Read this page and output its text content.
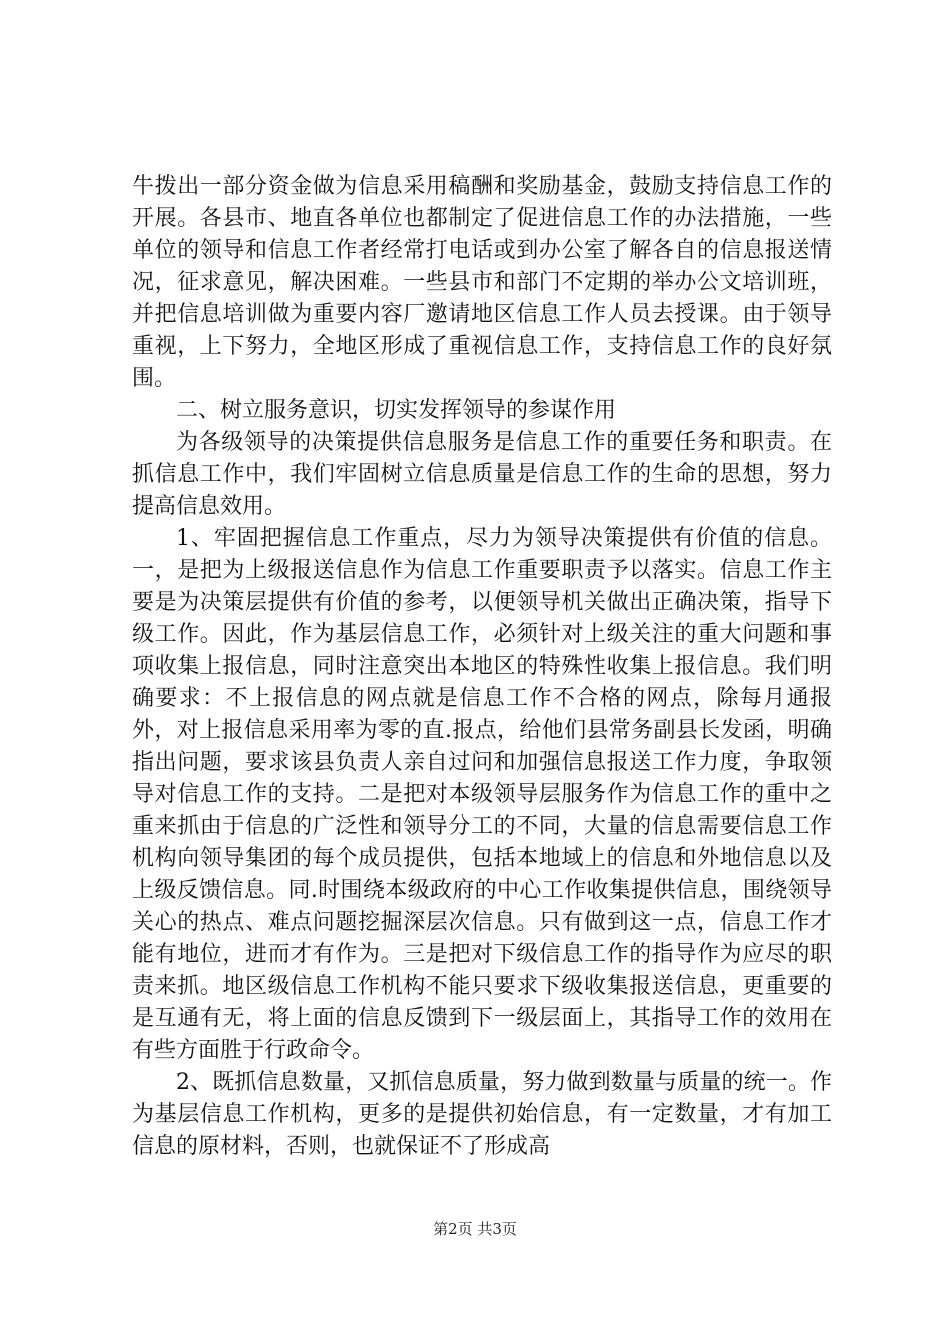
牛拨出一部分资金做为信息采用稿酬和奖励基金，鼓励支持信息工作的开展。各县市、地直各单位也都制定了促进信息工作的办法措施，一些单位的领导和信息工作者经常打电话或到办公室了解各自的信息报送情况，征求意见，解决困难。一些县市和部门不定期的举办公文培训班，并把信息培训做为重要内容厂邀请地区信息工作人员去授课。由于领导重视，上下努力，全地区形成了重视信息工作，支持信息工作的良好氛围。

二、树立服务意识，切实发挥领导的参谋作用

为各级领导的决策提供信息服务是信息工作的重要任务和职责。在抓信息工作中，我们牢固树立信息质量是信息工作的生命的思想，努力提高信息效用。

1、牢固把握信息工作重点，尽力为领导决策提供有价值的信息。一，是把为上级报送信息作为信息工作重要职责予以落实。信息工作主要是为决策层提供有价值的参考，以便领导机关做出正确决策，指导下级工作。因此，作为基层信息工作，必须针对上级关注的重大问题和事项收集上报信息，同时注意突出本地区的特殊性收集上报信息。我们明确要求：不上报信息的网点就是信息工作不合格的网点，除每月通报外，对上报信息采用率为零的直.报点，给他们县常务副县长发函，明确指出问题，要求该县负责人亲自过问和加强信息报送工作力度，争取领导对信息工作的支持。二是把对本级领导层服务作为信息工作的重中之重来抓由于信息的广泛性和领导分工的不同，大量的信息需要信息工作机构向领导集团的每个成员提供，包括本地域上的信息和外地信息以及上级反馈信息。同.时围绕本级政府的中心工作收集提供信息，围绕领导关心的热点、难点问题挖掘深层次信息。只有做到这一点，信息工作才能有地位，进而才有作为。三是把对下级信息工作的指导作为应尽的职责来抓。地区级信息工作机构不能只要求下级收集报送信息，更重要的是互通有无，将上面的信息反馈到下一级层面上，其指导工作的效用在有些方面胜于行政命令。

2、既抓信息数量，又抓信息质量，努力做到数量与质量的统一。作为基层信息工作机构，更多的是提供初始信息，有一定数量，才有加工信息的原材料，否则，也就保证不了形成高

第2页 共3页
